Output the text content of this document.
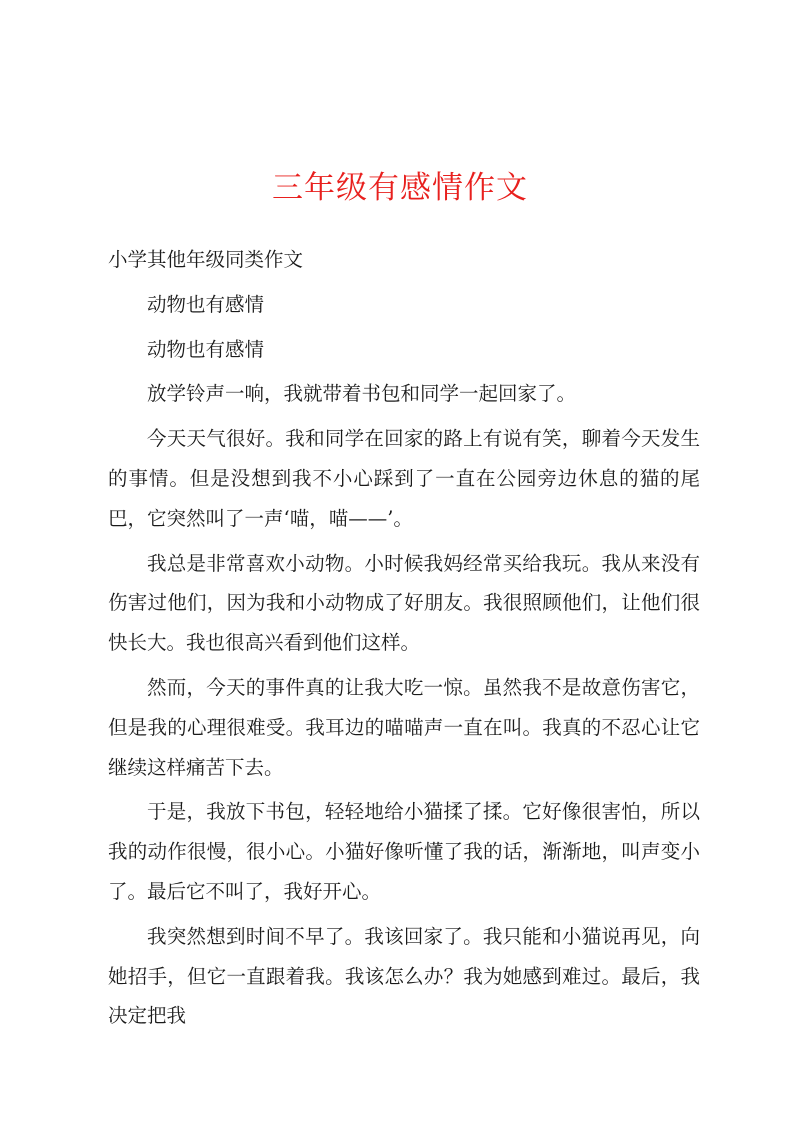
三年级有感情作文

小学其他年级同类作文

动物也有感情

动物也有感情

放学铃声一响，我就带着书包和同学一起回家了。

今天天气很好。我和同学在回家的路上有说有笑，聊着今天发生的事情。但是没想到我不小心踩到了一直在公园旁边休息的猫的尾巴，它突然叫了一声‘喵，喵——’。

我总是非常喜欢小动物。小时候我妈经常买给我玩。我从来没有伤害过他们，因为我和小动物成了好朋友。我很照顾他们，让他们很快长大。我也很高兴看到他们这样。

然而，今天的事件真的让我大吃一惊。虽然我不是故意伤害它，但是我的心理很难受。我耳边的喵喵声一直在叫。我真的不忍心让它继续这样痛苦下去。

于是，我放下书包，轻轻地给小猫揉了揉。它好像很害怕，所以我的动作很慢，很小心。小猫好像听懂了我的话，渐渐地，叫声变小了。最后它不叫了，我好开心。

我突然想到时间不早了。我该回家了。我只能和小猫说再见，向她招手，但它一直跟着我。我该怎么办？我为她感到难过。最后，我决定把我
